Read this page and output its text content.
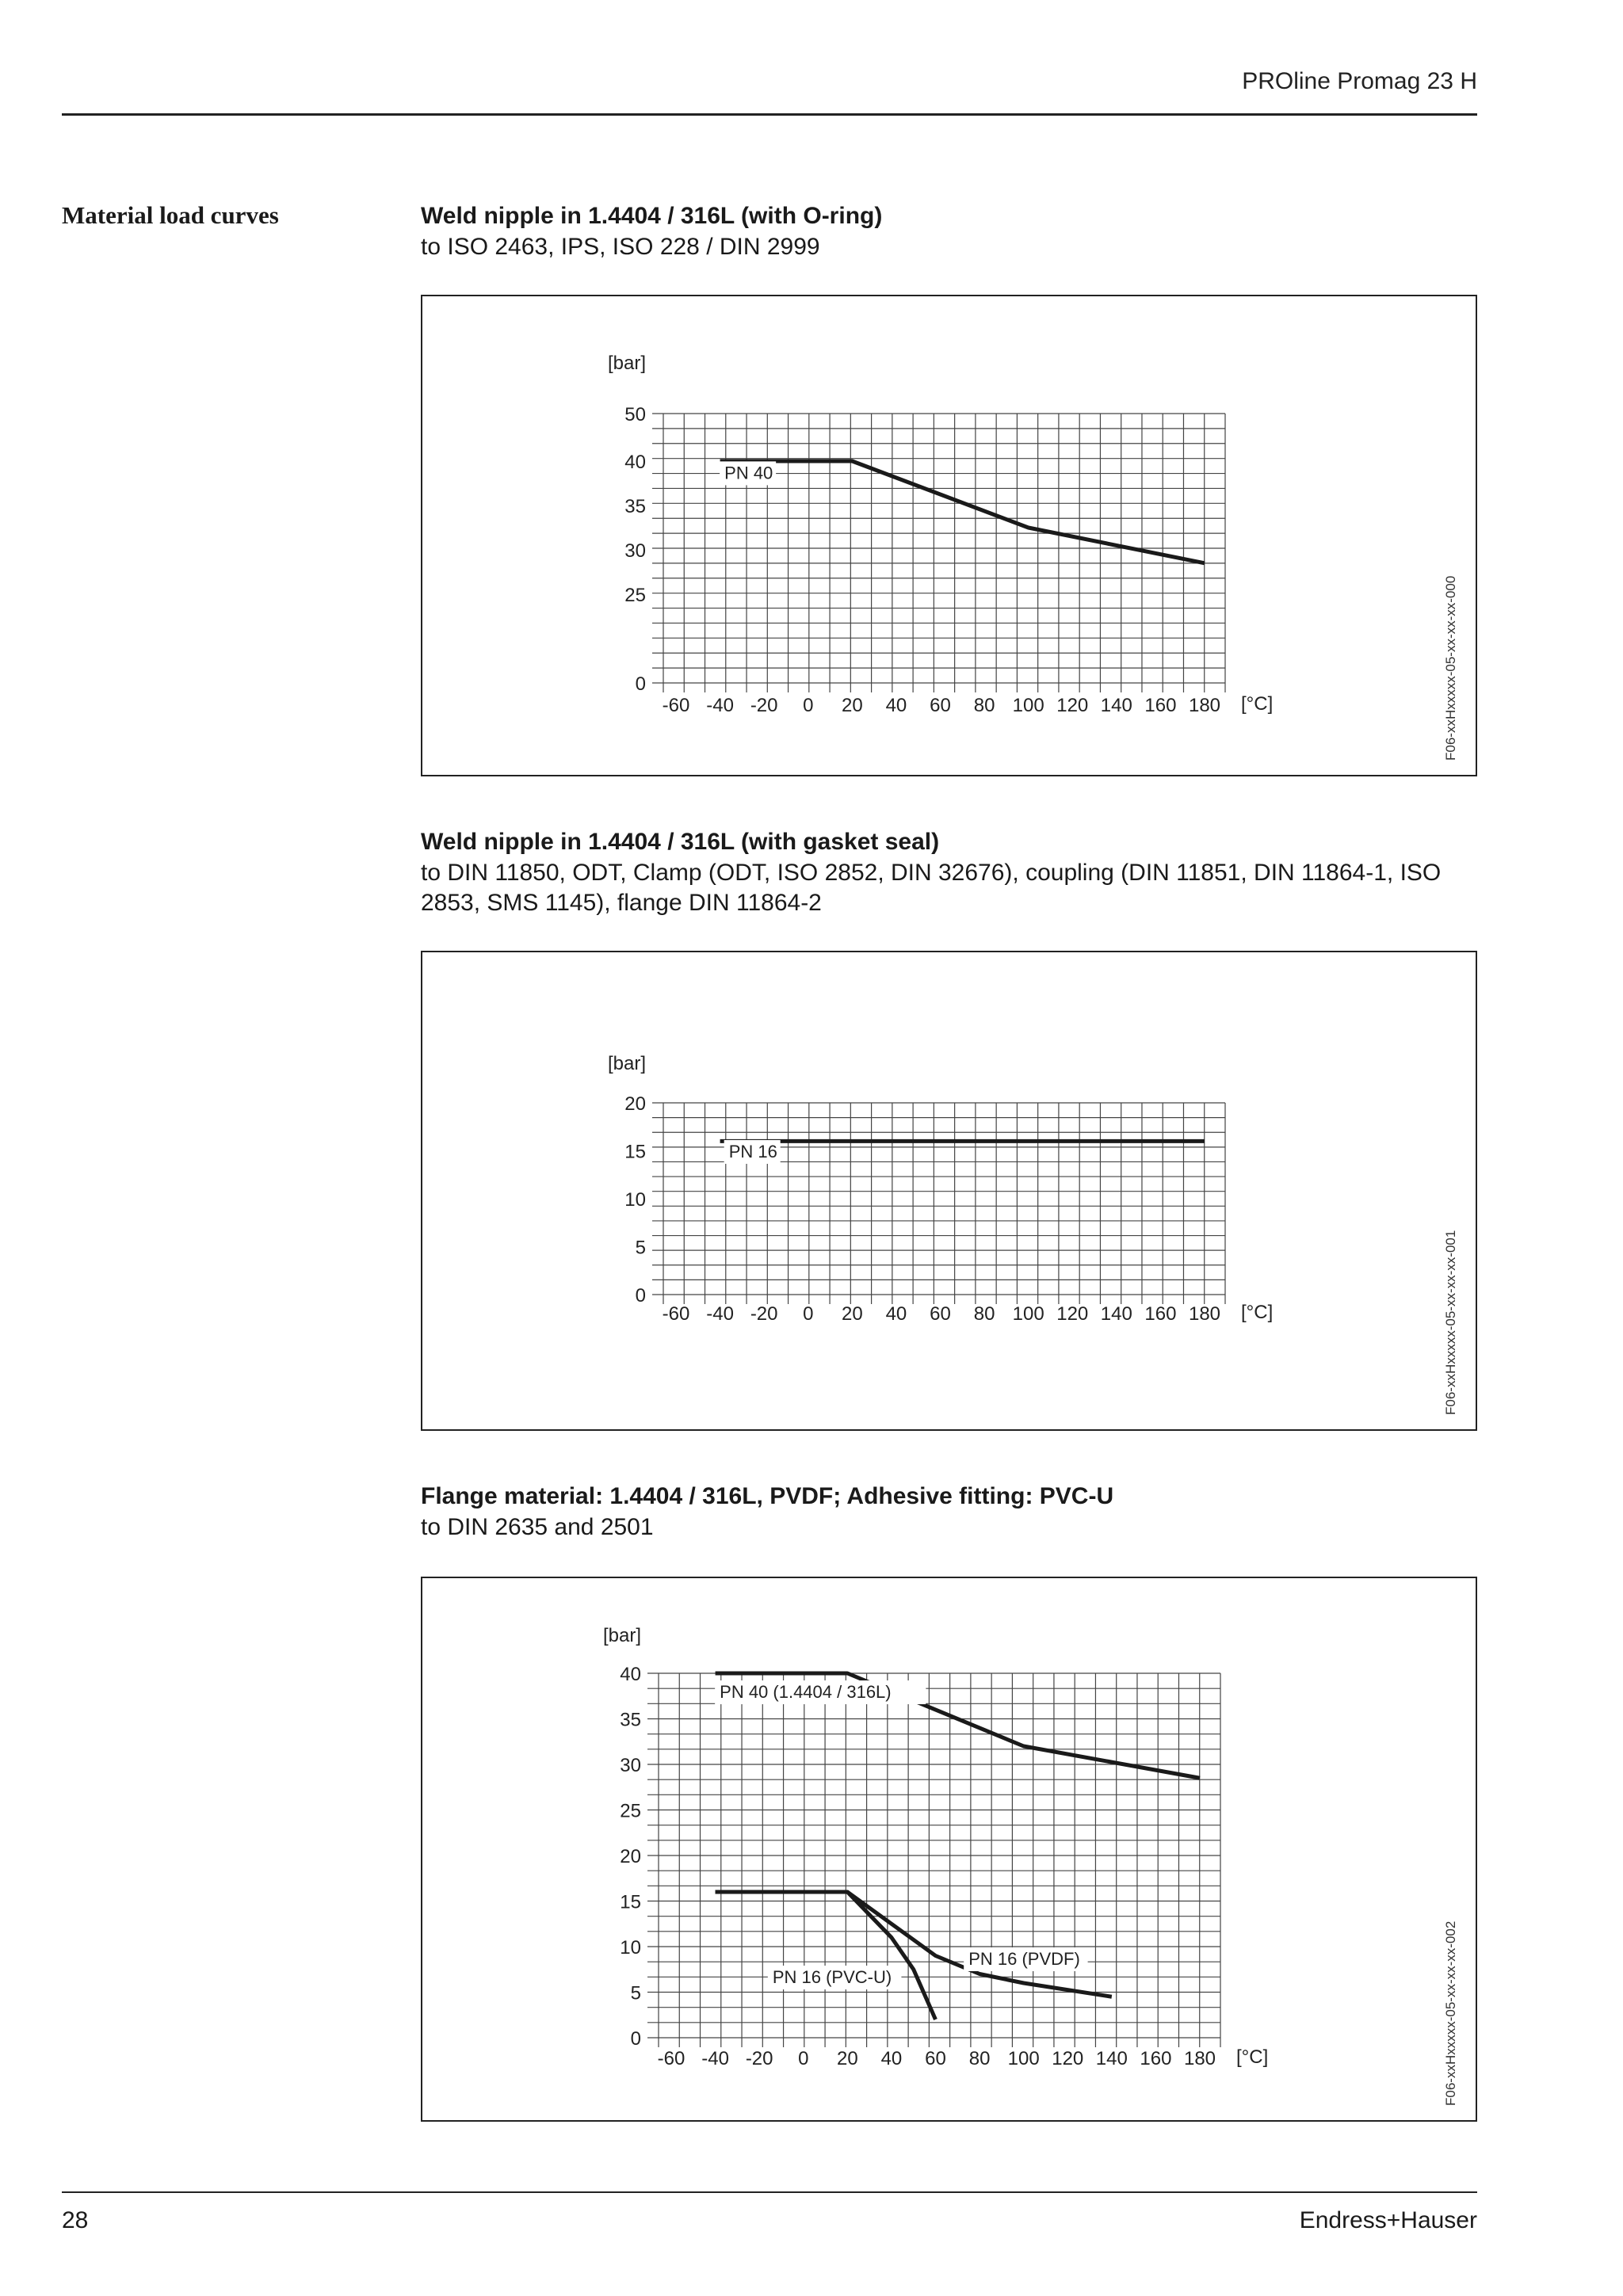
PROline Promag 23 H
Material load curves	Weld nipple in 1.4404 / 316L (with O-ring)
to ISO 2463, IPS, ISO 228 / DIN 2999
0
25
30
35
40
50
-60 -40 -20 0 20 40 60 80 100 120 140 160 180
[bar]
[°C]
PN 40
F06-xxHxxxxx-05-xx-xx-xx-000
Weld nipple in 1.4404 / 316L (with gasket seal)
to DIN 11850, ODT, Clamp (ODT, ISO 2852, DIN 32676), coupling (DIN 11851, DIN 11864-1, ISO 2853, SMS 1145), flange DIN 11864-2
0
5
10
15
20
-60 -40 -20 0 20 40 60 80 100 120 140 160 180
[bar]
[°C]
PN 16
F06-xxHxxxxx-05-xx-xx-xx-001
Flange material: 1.4404 / 316L, PVDF; Adhesive fitting: PVC-U
to DIN 2635 and 2501
0
5
10
15
20
25
30
35
40
-60 -40 -20 0 20 40 60 80 100 120 140 160 180
[bar]
[°C]
PN 40 (1.4404 / 316L)
PN 16 (PVC-U)
PN 16 (PVDF)	F06-xxHxxxxx-05-xx-xx-xx-002
28	Endress+Hauser
